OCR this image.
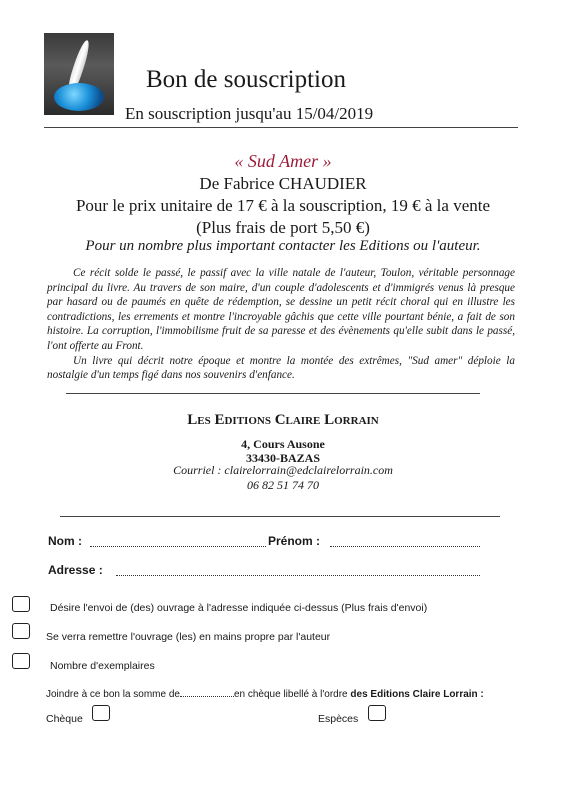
Bon de souscription
En souscription jusqu'au 15/04/2019
« Sud Amer »
De Fabrice CHAUDIER
Pour le prix unitaire de 17 € à la souscription, 19 € à la vente
(Plus frais de port 5,50 €)
Pour un nombre plus important contacter les Editions ou l'auteur.

Ce récit solde le passé, le passif avec la ville natale de l'auteur, Toulon, véritable personnage principal du livre. Au travers de son maire, d'un couple d'adolescents et d'immigrés venus là presque par hasard ou de paumés en quête de rédemption, se dessine un petit récit choral qui en illustre les contradictions, les errements et montre l'incroyable gâchis que cette ville pourtant bénie, a fait de son histoire. La corruption, l'immobilisme fruit de sa paresse et des évènements qu'elle subit dans le passé, l'ont offerte au Front.

Un livre qui décrit notre époque et montre la montée des extrêmes, "Sud amer" déploie la nostalgie d'un temps figé dans nos souvenirs d'enfance.

Les Editions Claire Lorrain
4, Cours Ausone
33430-BAZAS
Courriel : clairelorrain@edclairelorrain.com
06 82 51 74 70
Nom :	Prénom :
Adresse :
Désire l'envoi de (des) ouvrage à l'adresse indiquée ci-dessus (Plus frais d'envoi)
Se verra remettre l'ouvrage (les) en mains propre par l'auteur
Nombre d'exemplaires
Joindre à ce bon la somme de	en chèque libellé à l'ordre des Editions Claire Lorrain :
Chèque	Espèces
